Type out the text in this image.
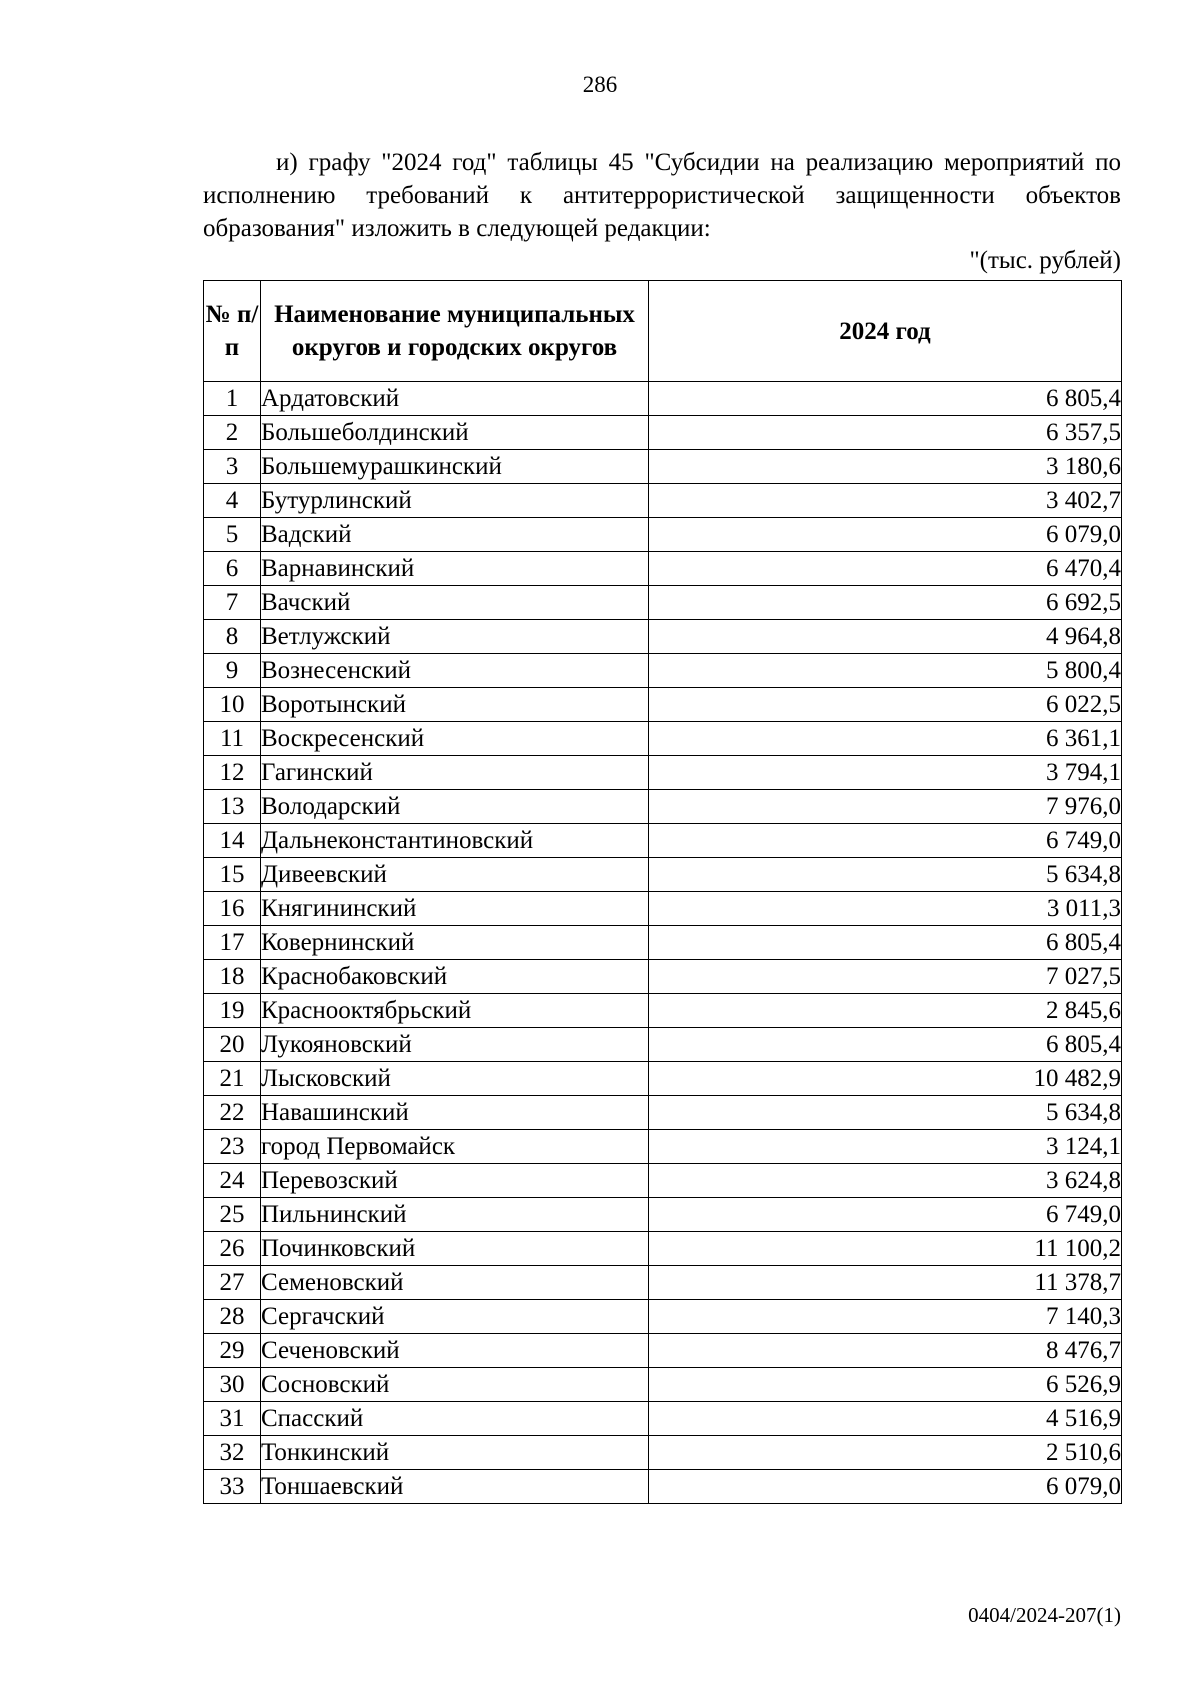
286
и) графу "2024 год" таблицы 45 "Субсидии на реализацию мероприятий по исполнению требований к антитеррористической защищенности объектов образования" изложить в следующей редакции:
"(тыс. рублей)
№ п/п	Наименование муниципальных округов и городских округов	2024 год
1	Ардатовский	6 805,4
2	Большеболдинский	6 357,5
3	Большемурашкинский	3 180,6
4	Бутурлинский	3 402,7
5	Вадский	6 079,0
6	Варнавинский	6 470,4
7	Вачский	6 692,5
8	Ветлужский	4 964,8
9	Вознесенский	5 800,4
10	Воротынский	6 022,5
11	Воскресенский	6 361,1
12	Гагинский	3 794,1
13	Володарский	7 976,0
14	Дальнеконстантиновский	6 749,0
15	Дивеевский	5 634,8
16	Княгининский	3 011,3
17	Ковернинский	6 805,4
18	Краснобаковский	7 027,5
19	Краснооктябрьский	2 845,6
20	Лукояновский	6 805,4
21	Лысковский	10 482,9
22	Навашинский	5 634,8
23	город Первомайск	3 124,1
24	Перевозский	3 624,8
25	Пильнинский	6 749,0
26	Починковский	11 100,2
27	Семеновский	11 378,7
28	Сергачский	7 140,3
29	Сеченовский	8 476,7
30	Сосновский	6 526,9
31	Спасский	4 516,9
32	Тонкинский	2 510,6
33	Тоншаевский	6 079,0
0404/2024-207(1)
